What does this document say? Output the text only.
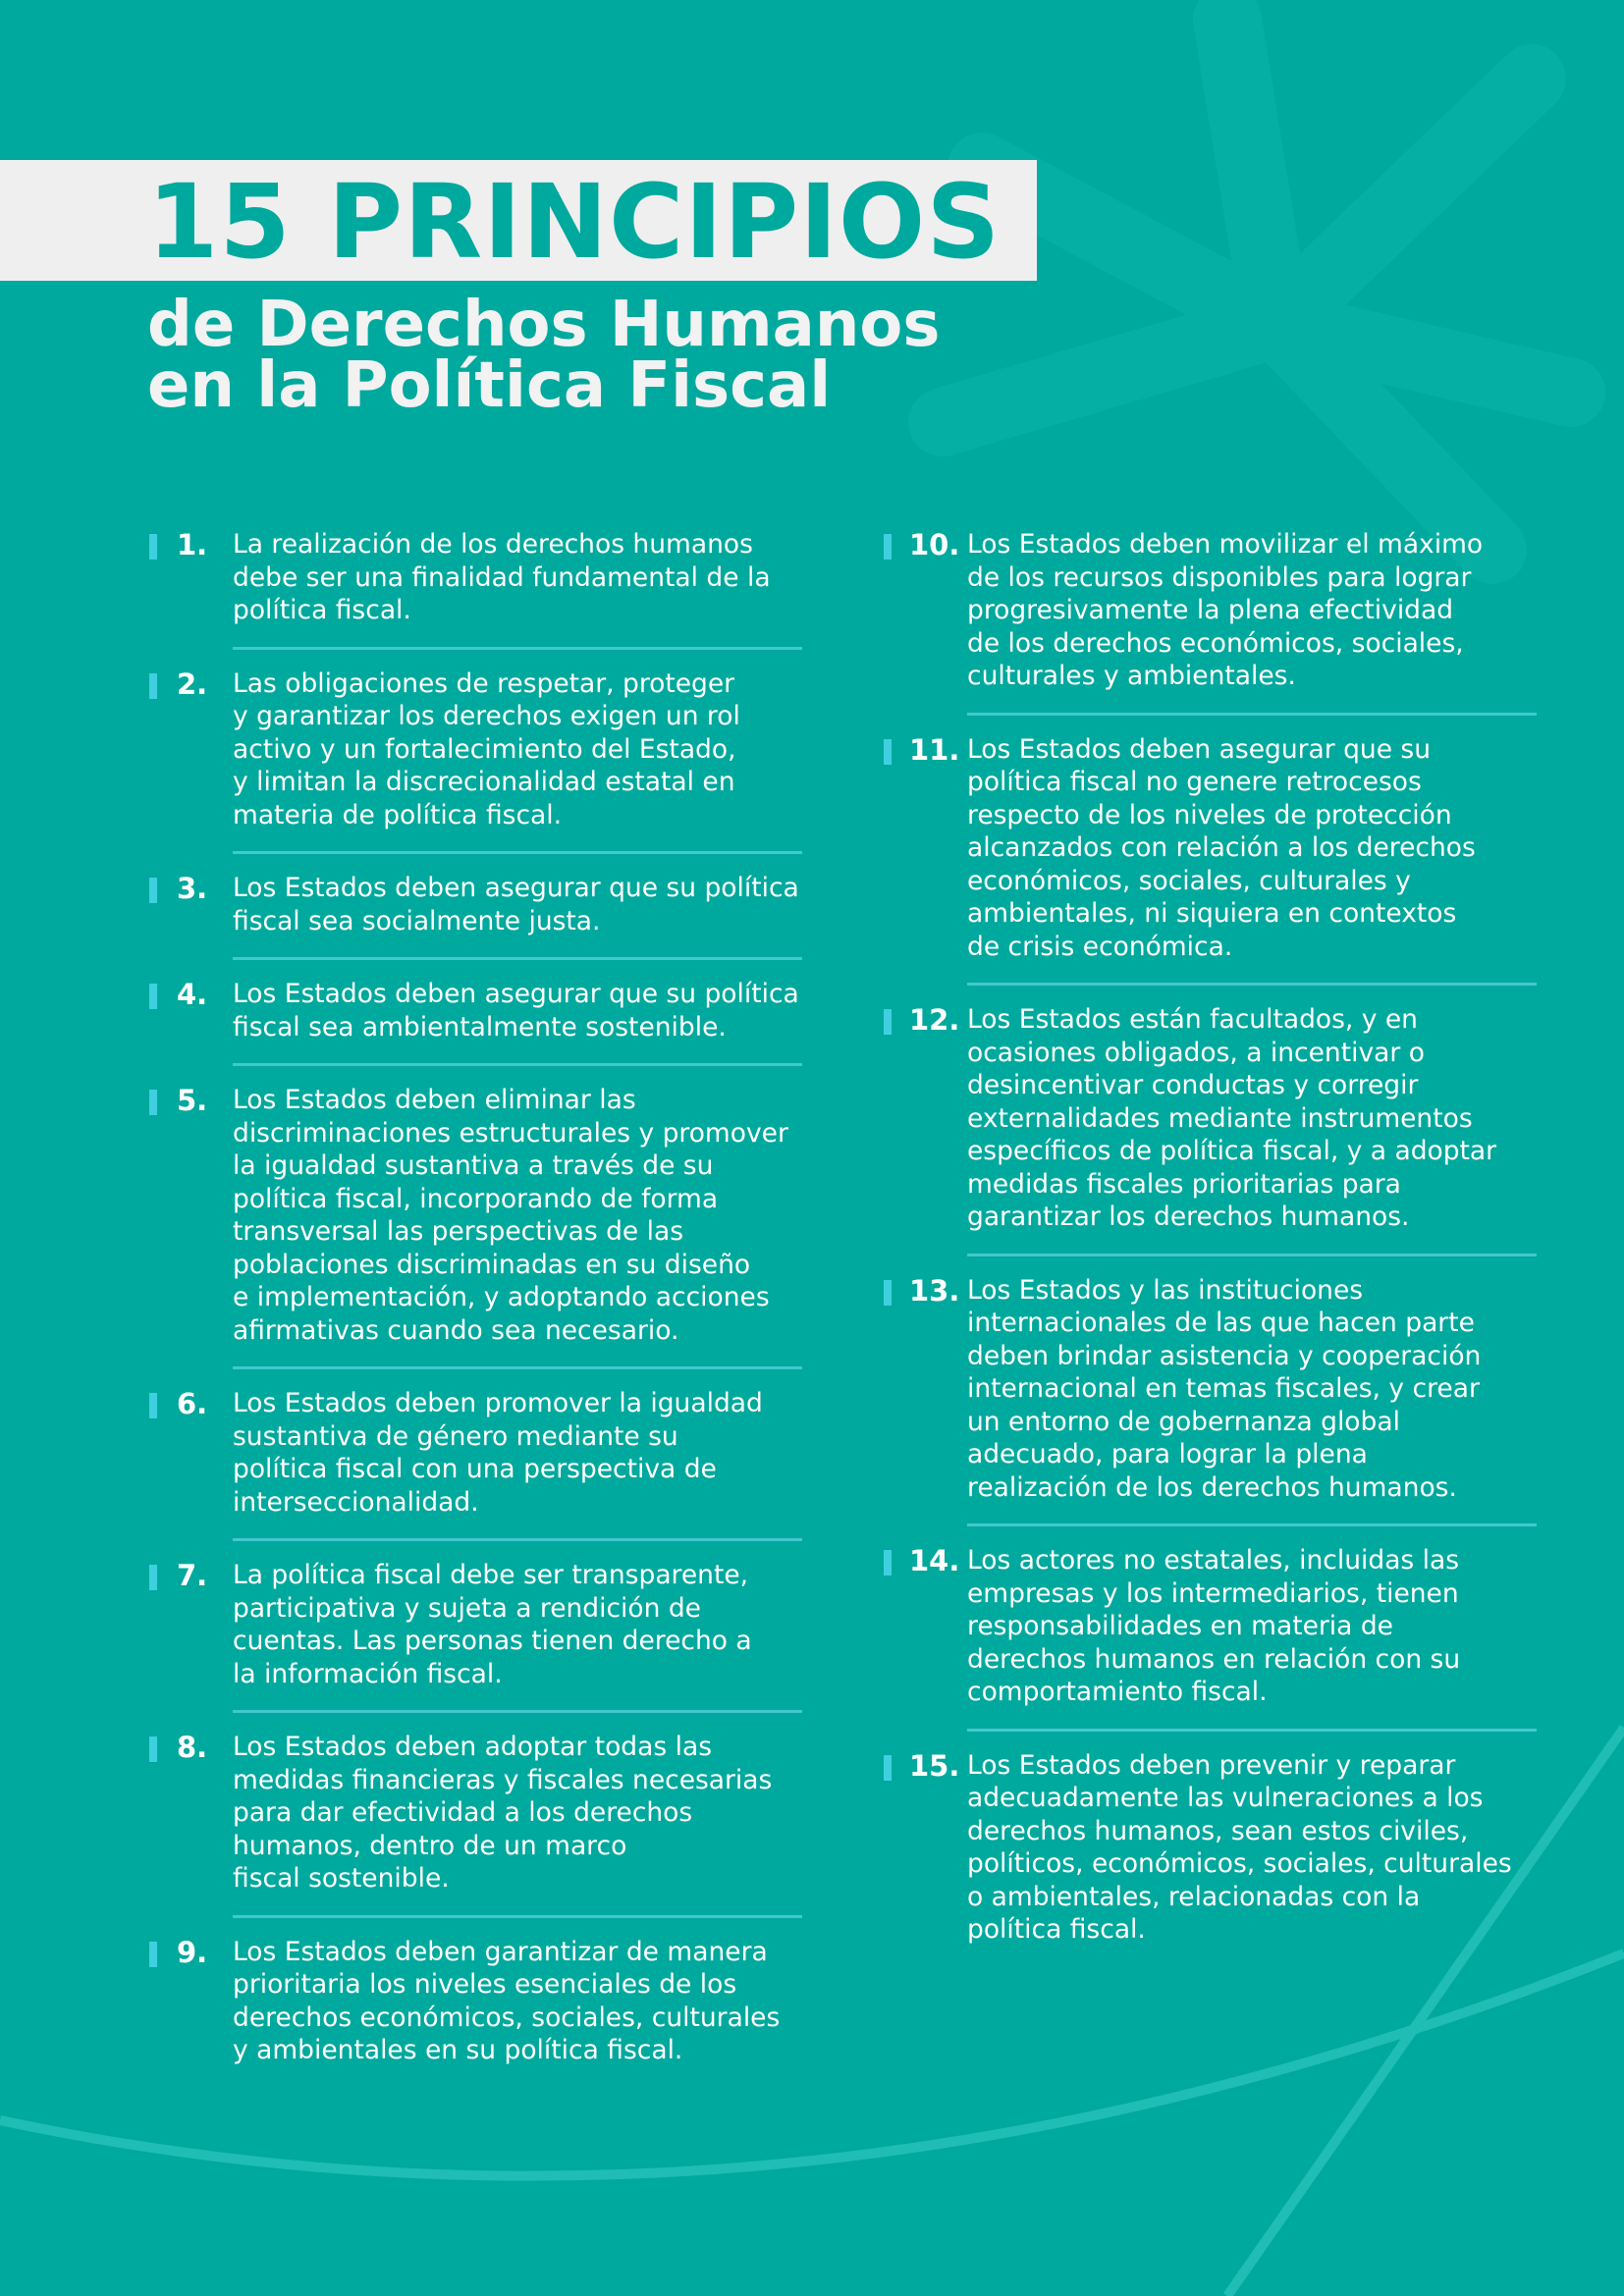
15 PRINCIPIOS
de Derechos Humanos
en la Política Fiscal
1. La realización de los derechos humanos
debe ser una finalidad fundamental de la
política fiscal.
2. Las obligaciones de respetar, proteger
y garantizar los derechos exigen un rol
activo y un fortalecimiento del Estado,
y limitan la discrecionalidad estatal en
materia de política fiscal.
3. Los Estados deben asegurar que su política
fiscal sea socialmente justa.
4. Los Estados deben asegurar que su política
fiscal sea ambientalmente sostenible.
5. Los Estados deben eliminar las
discriminaciones estructurales y promover
la igualdad sustantiva a través de su
política fiscal, incorporando de forma
transversal las perspectivas de las
poblaciones discriminadas en su diseño
e implementación, y adoptando acciones
afirmativas cuando sea necesario.
6. Los Estados deben promover la igualdad
sustantiva de género mediante su
política fiscal con una perspectiva de
interseccionalidad.
7. La política fiscal debe ser transparente,
participativa y sujeta a rendición de
cuentas. Las personas tienen derecho a
la información fiscal.
8. Los Estados deben adoptar todas las
medidas financieras y fiscales necesarias
para dar efectividad a los derechos
humanos, dentro de un marco
fiscal sostenible.
9. Los Estados deben garantizar de manera
prioritaria los niveles esenciales de los
derechos económicos, sociales, culturales
y ambientales en su política fiscal.
10. Los Estados deben movilizar el máximo
de los recursos disponibles para lograr
progresivamente la plena efectividad
de los derechos económicos, sociales,
culturales y ambientales.
11. Los Estados deben asegurar que su
política fiscal no genere retrocesos
respecto de los niveles de protección
alcanzados con relación a los derechos
económicos, sociales, culturales y
ambientales, ni siquiera en contextos
de crisis económica.
12. Los Estados están facultados, y en
ocasiones obligados, a incentivar o
desincentivar conductas y corregir
externalidades mediante instrumentos
específicos de política fiscal, y a adoptar
medidas fiscales prioritarias para
garantizar los derechos humanos.
13. Los Estados y las instituciones
internacionales de las que hacen parte
deben brindar asistencia y cooperación
internacional en temas fiscales, y crear
un entorno de gobernanza global
adecuado, para lograr la plena
realización de los derechos humanos.
14. Los actores no estatales, incluidas las
empresas y los intermediarios, tienen
responsabilidades en materia de
derechos humanos en relación con su
comportamiento fiscal.
15. Los Estados deben prevenir y reparar
adecuadamente las vulneraciones a los
derechos humanos, sean estos civiles,
políticos, económicos, sociales, culturales
o ambientales, relacionadas con la
política fiscal.
